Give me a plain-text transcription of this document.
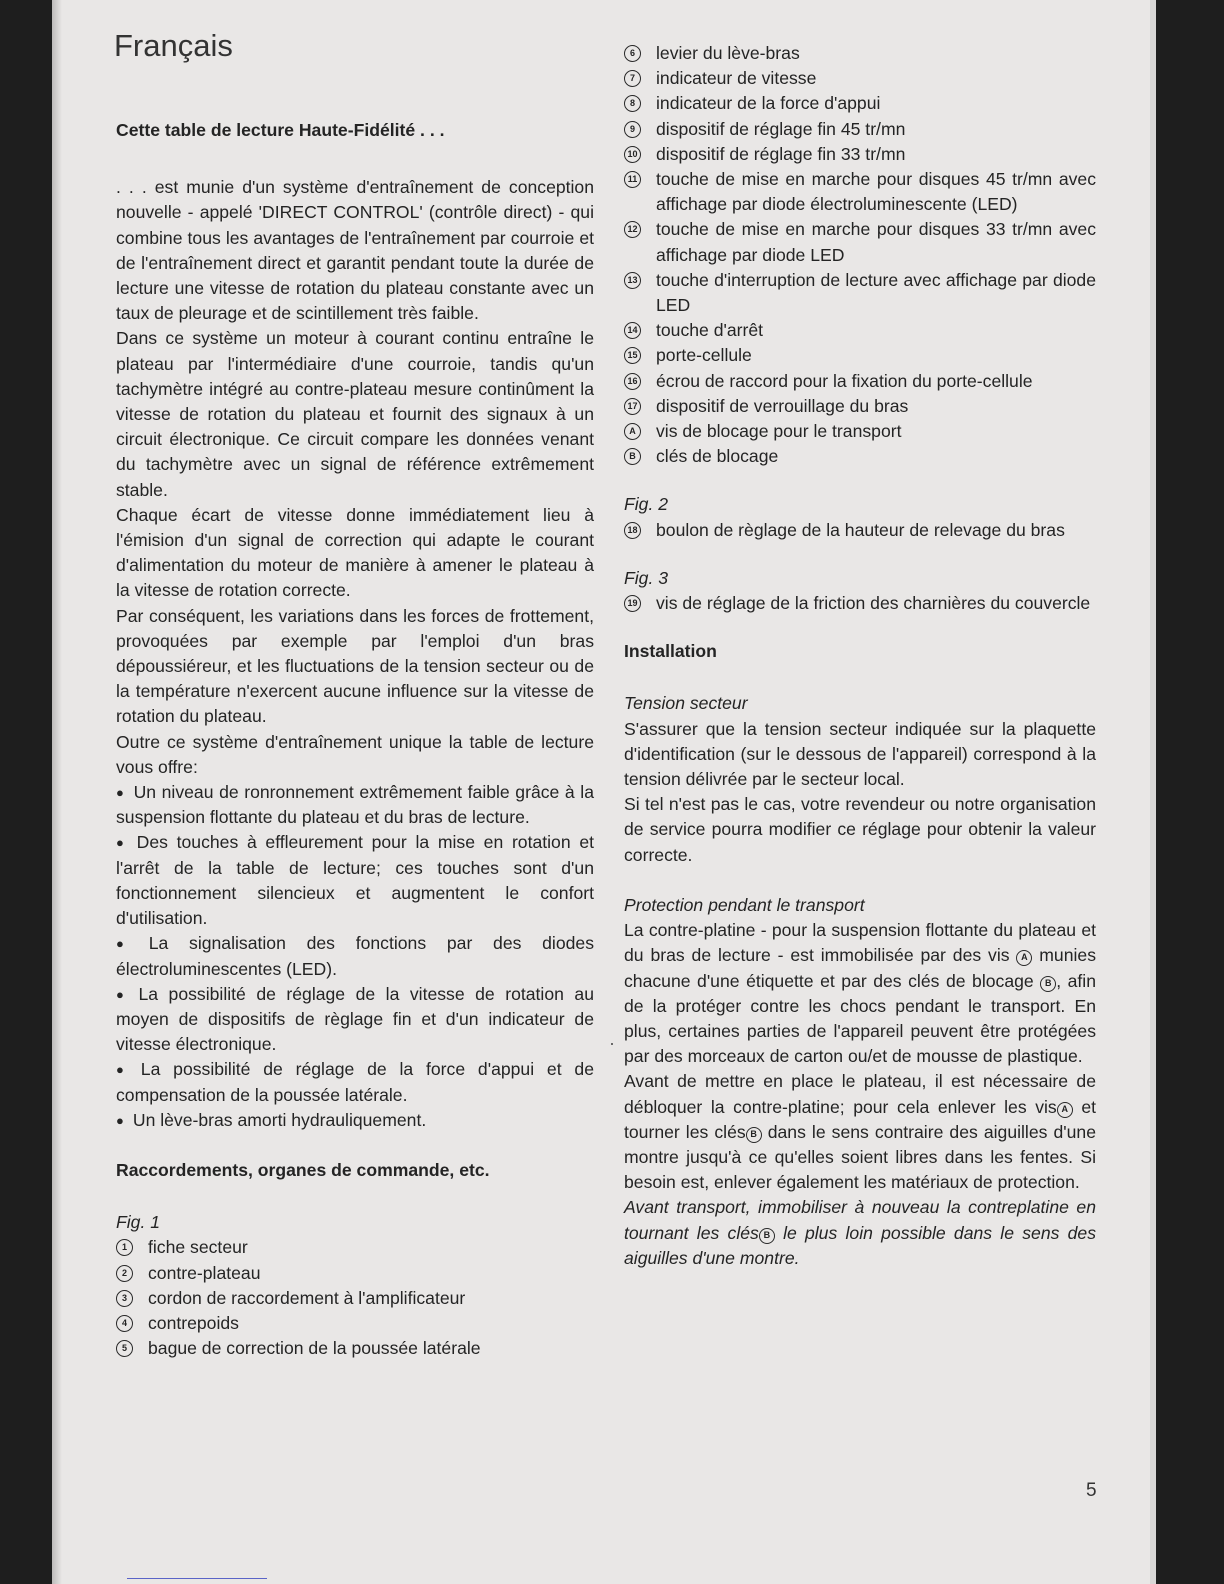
Français

Cette table de lecture Haute-Fidélité . . .

. . . est munie d'un système d'entraînement de conception nouvelle - appelé 'DIRECT CONTROL' (contrôle direct) - qui combine tous les avantages de l'entraînement par courroie et de l'entraînement direct et garantit pendant toute la durée de lecture une vitesse de rotation du plateau constante avec un taux de pleurage et de scintillement très faible.

Dans ce système un moteur à courant continu entraîne le plateau par l'intermédiaire d'une courroie, tandis qu'un tachymètre intégré au contre-plateau mesure continûment la vitesse de rotation du plateau et fournit des signaux à un circuit électronique. Ce circuit compare les données venant du tachymètre avec un signal de référence extrêmement stable.

Chaque écart de vitesse donne immédiatement lieu à l'émision d'un signal de correction qui adapte le courant d'alimentation du moteur de manière à amener le plateau à la vitesse de rotation correcte.

Par conséquent, les variations dans les forces de frottement, provoquées par exemple par l'emploi d'un bras dépoussiéreur, et les fluctuations de la tension secteur ou de la température n'exercent aucune influence sur la vitesse de rotation du plateau.

Outre ce système d'entraînement unique la table de lecture vous offre:

● Un niveau de ronronnement extrêmement faible grâce à la suspension flottante du plateau et du bras de lecture.

● Des touches à effleurement pour la mise en rotation et l'arrêt de la table de lecture; ces touches sont d'un fonctionnement silencieux et augmentent le confort d'utilisation.

● La signalisation des fonctions par des diodes électroluminescentes (LED).

● La possibilité de réglage de la vitesse de rotation au moyen de dispositifs de règlage fin et d'un indicateur de vitesse électronique.

● La possibilité de réglage de la force d'appui et de compensation de la poussée latérale.

● Un lève-bras amorti hydrauliquement.

Raccordements, organes de commande, etc.

Fig. 1

1	fiche secteur
2	contre-plateau
3	cordon de raccordement à l'amplificateur
4	contrepoids
5	bague de correction de la poussée latérale
6	levier du lève-bras
7	indicateur de vitesse
8	indicateur de la force d'appui
9	dispositif de réglage fin 45 tr/mn
10 dispositif de réglage fin 33 tr/mn
11 touche de mise en marche pour disques 45 tr/mn avec affichage par diode électroluminescente (LED)
12 touche de mise en marche pour disques 33 tr/mn avec affichage par diode LED
13 touche d'interruption de lecture avec affichage par diode LED
14 touche d'arrêt
15 porte-cellule
16 écrou de raccord pour la fixation du porte-cellule
17 dispositif de verrouillage du bras
A vis de blocage pour le transport
B clés de blocage

Fig. 2

18 boulon de règlage de la hauteur de relevage du bras

Fig. 3

19 vis de réglage de la friction des charnières du couvercle

Installation

Tension secteur

S'assurer que la tension secteur indiquée sur la plaquette d'identification (sur le dessous de l'appareil) correspond à la tension délivrée par le secteur local.

Si tel n'est pas le cas, votre revendeur ou notre organisation de service pourra modifier ce réglage pour obtenir la valeur correcte.

Protection pendant le transport

La contre-platine - pour la suspension flottante du plateau et du bras de lecture - est immobilisée par des vis A munies chacune d'une étiquette et par des clés de blocage B , afin de la protéger contre les chocs pendant le transport. En plus, certaines parties de l'appareil peuvent être protégées par des morceaux de carton ou/et de mousse de plastique.

Avant de mettre en place le plateau, il est nécessaire de débloquer la contre-platine; pour cela enlever les vis A et tourner les clés B dans le sens contraire des aiguilles d'une montre jusqu'à ce qu'elles soient libres dans les fentes. Si besoin est, enlever également les matériaux de protection.

Avant transport, immobiliser à nouveau la contreplatine en tournant les clés B le plus loin possible dans le sens des aiguilles d'une montre.

·
5
